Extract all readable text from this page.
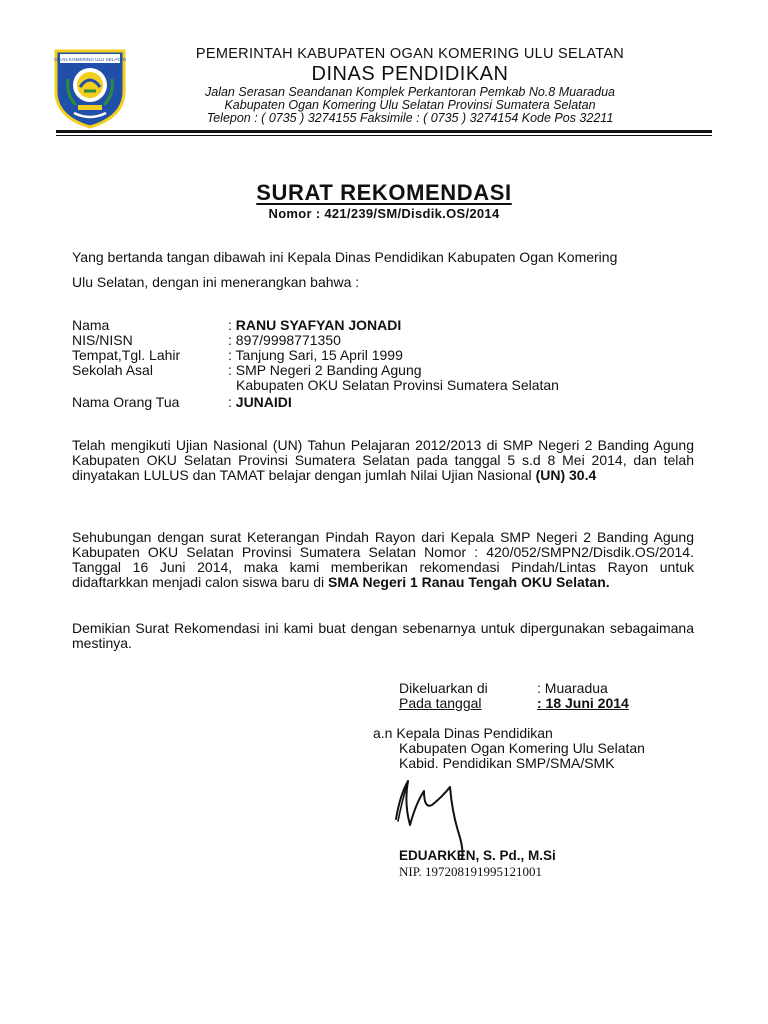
OGAN KOMERING ULU SELATAN	PEMERINTAH KABUPATEN OGAN KOMERING ULU SELATAN
DINAS PENDIDIKAN
Jalan Serasan Seandanan Komplek Perkantoran Pemkab No.8 Muaradua
Kabupaten Ogan Komering Ulu Selatan Provinsi Sumatera Selatan
Telepon : ( 0735 ) 3274155 Faksimile : ( 0735 ) 3274154 Kode Pos 32211
SURAT REKOMENDASI
Nomor : 421/239/SM/Disdik.OS/2014
Yang bertanda tangan dibawah ini Kepala Dinas Pendidikan Kabupaten Ogan Komering
Ulu Selatan, dengan ini menerangkan bahwa :
Nama	: RANU SYAFYAN JONADI
NIS/NISN	: 897/9998771350
Tempat,Tgl. Lahir	: Tanjung Sari, 15 April 1999
Sekolah Asal	: SMP Negeri 2 Banding Agung
Kabupaten OKU Selatan Provinsi Sumatera Selatan
Nama Orang Tua	: JUNAIDI
Telah mengikuti Ujian Nasional (UN) Tahun Pelajaran 2012/2013 di SMP Negeri 2 Banding Agung Kabupaten OKU Selatan Provinsi Sumatera Selatan pada tanggal 5 s.d 8 Mei 2014, dan telah dinyatakan LULUS dan TAMAT belajar dengan jumlah Nilai Ujian Nasional (UN) 30.4
Sehubungan dengan surat Keterangan Pindah Rayon dari Kepala SMP Negeri 2 Banding Agung Kabupaten OKU Selatan Provinsi Sumatera Selatan Nomor : 420/052/SMPN2/Disdik.OS/2014. Tanggal 16 Juni 2014, maka kami memberikan rekomendasi Pindah/Lintas Rayon untuk didaftarkkan menjadi calon siswa baru di SMA Negeri 1 Ranau Tengah OKU Selatan.
Demikian Surat Rekomendasi ini kami buat dengan sebenarnya untuk dipergunakan sebagaimana mestinya.
Dikeluarkan di	: Muaradua
Pada tanggal	: 18 Juni 2014
a.n Kepala Dinas Pendidikan
Kabupaten Ogan Komering Ulu Selatan
Kabid. Pendidikan SMP/SMA/SMK
EDUARKEN, S. Pd., M.Si
NIP. 197208191995121001
